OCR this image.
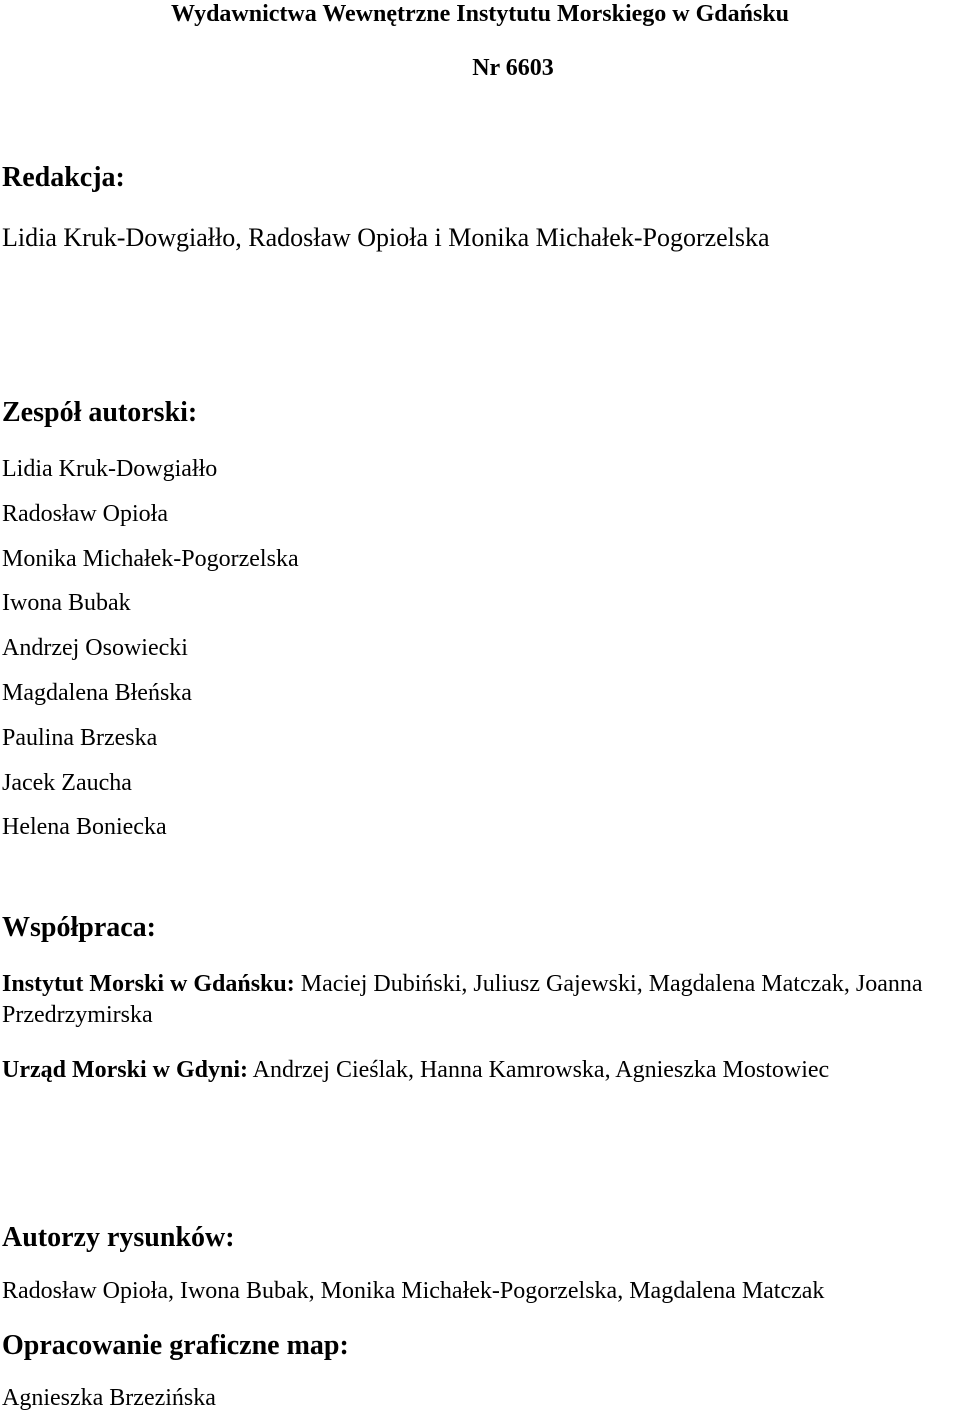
Wydawnictwa Wewnętrzne Instytutu Morskiego w Gdańsku
Nr 6603
Redakcja:
Lidia Kruk-Dowgiałło, Radosław Opioła i Monika Michałek-Pogorzelska
Zespół autorski:
Lidia Kruk-Dowgiałło
Radosław Opioła
Monika Michałek-Pogorzelska
Iwona Bubak
Andrzej Osowiecki
Magdalena Błeńska
Paulina Brzeska
Jacek Zaucha
Helena Boniecka
Współpraca:
Instytut Morski w Gdańsku: Maciej Dubiński, Juliusz Gajewski, Magdalena Matczak, Joanna Przedrzymirska
Urząd Morski w Gdyni: Andrzej Cieślak, Hanna Kamrowska, Agnieszka Mostowiec
Autorzy rysunków:
Radosław Opioła, Iwona Bubak, Monika Michałek-Pogorzelska, Magdalena Matczak
Opracowanie graficzne map:
Agnieszka Brzezińska
